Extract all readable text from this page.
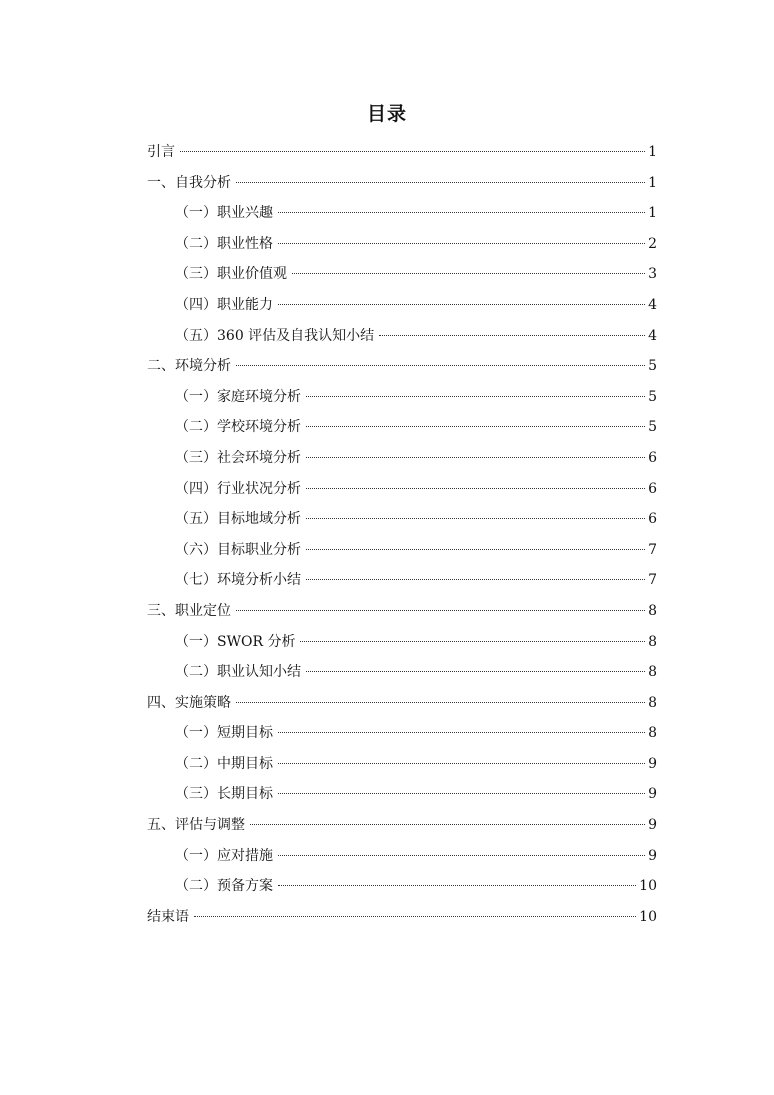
目录
引言	1
一、自我分析	1
（一）职业兴趣	1
（二）职业性格	2
（三）职业价值观	3
（四）职业能力	4
（五）360 评估及自我认知小结	4
二、环境分析	5
（一）家庭环境分析	5
（二）学校环境分析	5
（三）社会环境分析	6
（四）行业状况分析	6
（五）目标地域分析	6
（六）目标职业分析	7
（七）环境分析小结	7
三、职业定位	8
（一）SWOR 分析	8
（二）职业认知小结	8
四、实施策略	8
（一）短期目标	8
（二）中期目标	9
（三）长期目标	9
五、评估与调整	9
（一）应对措施	9
（二）预备方案	10
结束语	10
